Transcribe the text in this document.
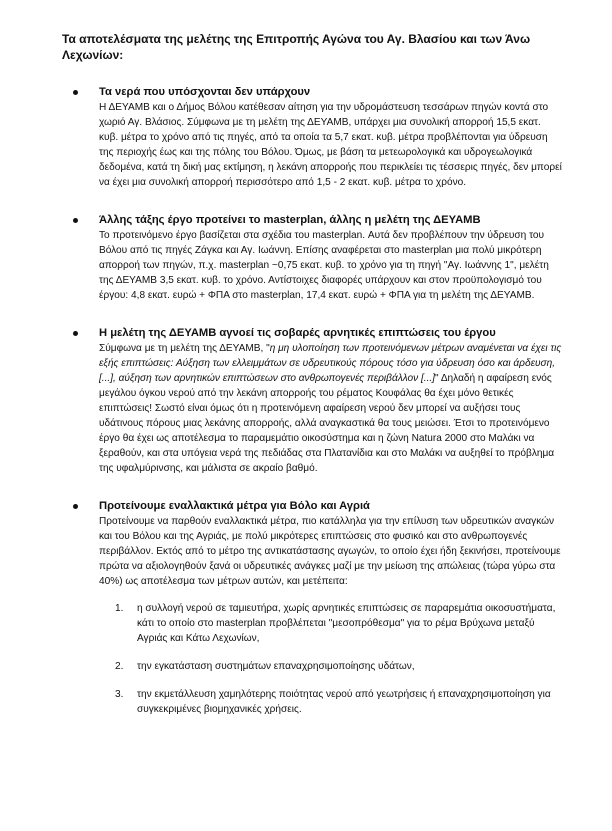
Τα αποτελέσματα της μελέτης της Επιτροπής Αγώνα του Αγ. Βλασίου και των Άνω Λεχωνίων:

Τα νερά που υπόσχονται δεν υπάρχουν

Η ΔΕΥΑΜΒ και ο Δήμος Βόλου κατέθεσαν αίτηση για την υδρομάστευση τεσσάρων πηγών κοντά στο χωριό Αγ. Βλάσιος. Σύμφωνα με τη μελέτη της ΔΕΥΑΜΒ, υπάρχει μια συνολική απορροή 15,5 εκατ. κυβ. μέτρα το χρόνο από τις πηγές, από τα οποία τα 5,7 εκατ. κυβ. μέτρα προβλέπονται για ύδρευση της περιοχής έως και της πόλης του Βόλου. Όμως, με βάση τα μετεωρολογικά και υδρογεωλογικά δεδομένα, κατά τη δική μας εκτίμηση, η λεκάνη απορροής που περικλείει τις τέσσερις πηγές, δεν μπορεί να έχει μια συνολική απορροή περισσότερο από 1,5 - 2 εκατ. κυβ. μέτρα το χρόνο.

Άλλης τάξης έργο προτείνει το masterplan, άλλης η μελέτη της ΔΕΥΑΜΒ

Το προτεινόμενο έργο βασίζεται στα σχέδια του masterplan. Αυτά δεν προβλέπουν την ύδρευση του Βόλου από τις πηγές Ζάγκα και Αγ. Ιωάννη. Επίσης αναφέρεται στο masterplan μια πολύ μικρότερη απορροή των πηγών, π.χ. masterplan ~0,75 εκατ. κυβ. το χρόνο για τη πηγή "Αγ. Ιωάννης 1", μελέτη της ΔΕΥΑΜΒ 3,5 εκατ. κυβ. το χρόνο. Αντίστοιχες διαφορές υπάρχουν και στον προϋπολογισμό του έργου: 4,8 εκατ. ευρώ + ΦΠΑ στο masterplan, 17,4 εκατ. ευρώ + ΦΠΑ για τη μελέτη της ΔΕΥΑΜΒ.

Η μελέτη της ΔΕΥΑΜΒ αγνοεί τις σοβαρές αρνητικές επιπτώσεις του έργου

Σύμφωνα με τη μελέτη της ΔΕΥΑΜΒ, "η μη υλοποίηση των προτεινόμενων μέτρων αναμένεται να έχει τις εξής επιπτώσεις: Αύξηση των ελλειμμάτων σε υδρευτικούς πόρους τόσο για ύδρευση όσο και άρδευση, [...], αύξηση των αρνητικών επιπτώσεων στο ανθρωπογενές περιβάλλον [...]" Δηλαδή η αφαίρεση ενός μεγάλου όγκου νερού από την λεκάνη απορροής του ρέματος Κουφάλας θα έχει μόνο θετικές επιπτώσεις! Σωστό είναι όμως ότι η προτεινόμενη αφαίρεση νερού δεν μπορεί να αυξήσει τους υδάτινους πόρους μιας λεκάνης απορροής, αλλά αναγκαστικά θα τους μειώσει. Έτσι το προτεινόμενο έργο θα έχει ως αποτέλεσμα το παραμεμάτιο οικοσύστημα και η ζώνη Natura 2000 στο Μαλάκι να ξεραθούν, και στα υπόγεια νερά της πεδιάδας στα Πλατανίδια και στο Μαλάκι να αυξηθεί το πρόβλημα της υφαλμύρινσης, και μάλιστα σε ακραίο βαθμό.

Προτείνουμε εναλλακτικά μέτρα για Βόλο και Αγριά

Προτείνουμε να παρθούν εναλλακτικά μέτρα, πιο κατάλληλα για την επίλυση των υδρευτικών αναγκών και του Βόλου και της Αγριάς, με πολύ μικρότερες επιπτώσεις στο φυσικό και στο ανθρωπογενές περιβάλλον. Εκτός από το μέτρο της αντικατάστασης αγωγών, το οποίο έχει ήδη ξεκινήσει, προτείνουμε πρώτα να αξιολογηθούν ξανά οι υδρευτικές ανάγκες μαζί με την μείωση της απώλειας (τώρα γύρω στα 40%) ως αποτέλεσμα των μέτρων αυτών, και μετέπειτα:

1. η συλλογή νερού σε ταμιευτήρα, χωρίς αρνητικές επιπτώσεις σε παραρεμάτια οικοσυστήματα, κάτι το οποίο στο masterplan προβλέπεται "μεσοπρόθεσμα" για το ρέμα Βρύχωνα μεταξύ Αγριάς και Κάτω Λεχωνίων,
2. την εγκατάσταση συστημάτων επαναχρησιμοποίησης υδάτων,
3. την εκμετάλλευση χαμηλότερης ποιότητας νερού από γεωτρήσεις ή επαναχρησιμοποίηση για συγκεκριμένες βιομηχανικές χρήσεις.
